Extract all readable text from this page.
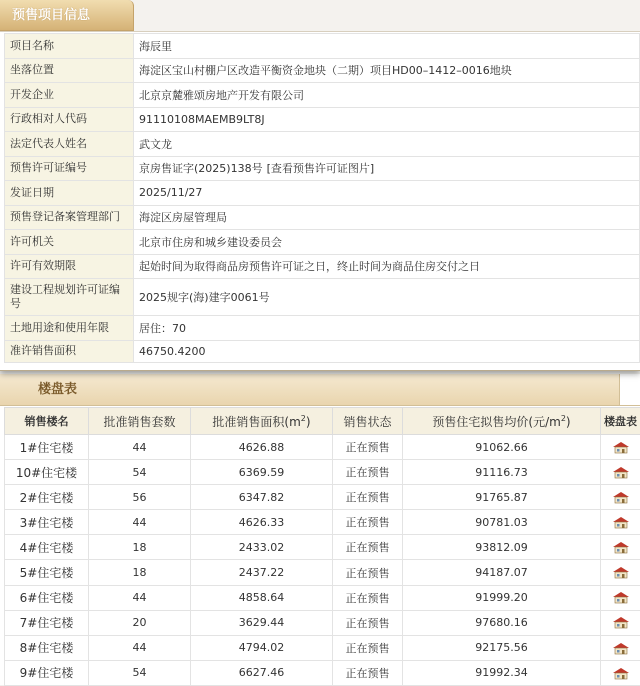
预售项目信息
项目名称	海辰里

坐落位置	海淀区宝山村棚户区改造平衡资金地块（二期）项目HD00–1412–0016地块

开发企业	北京京麓雅颂房地产开发有限公司

行政相对人代码	91110108MAEMB9LT8J

法定代表人姓名	武文龙

预售许可证编号	京房售证字(2025)138号 [查看预售许可证图片]

发证日期	2025/11/27

预售登记备案管理部门	海淀区房屋管理局

许可机关	北京市住房和城乡建设委员会

许可有效期限	起始时间为取得商品房预售许可证之日，终止时间为商品住房交付之日

建设工程规划许可证编号	2025规字(海)建字0061号

土地用途和使用年限	居住：70

准许销售面积	46750.4200
楼盘表
销售楼名	批准销售套数	批准销售面积$(m^2)$	销售状态	预售住宅拟售均价(元$/m^2$)	楼盘表
1#住宅楼	44	4626.88	正在预售	91062.66	
10#住宅楼	54	6369.59	正在预售	91116.73	
2#住宅楼	56	6347.82	正在预售	91765.87	
3#住宅楼	44	4626.33	正在预售	90781.03	
4#住宅楼	18	2433.02	正在预售	93812.09	
5#住宅楼	18	2437.22	正在预售	94187.07	
6#住宅楼	44	4858.64	正在预售	91999.20	
7#住宅楼	20	3629.44	正在预售	97680.16	
8#住宅楼	44	4794.02	正在预售	92175.56	
9#住宅楼	54	6627.46	正在预售	91992.34	
